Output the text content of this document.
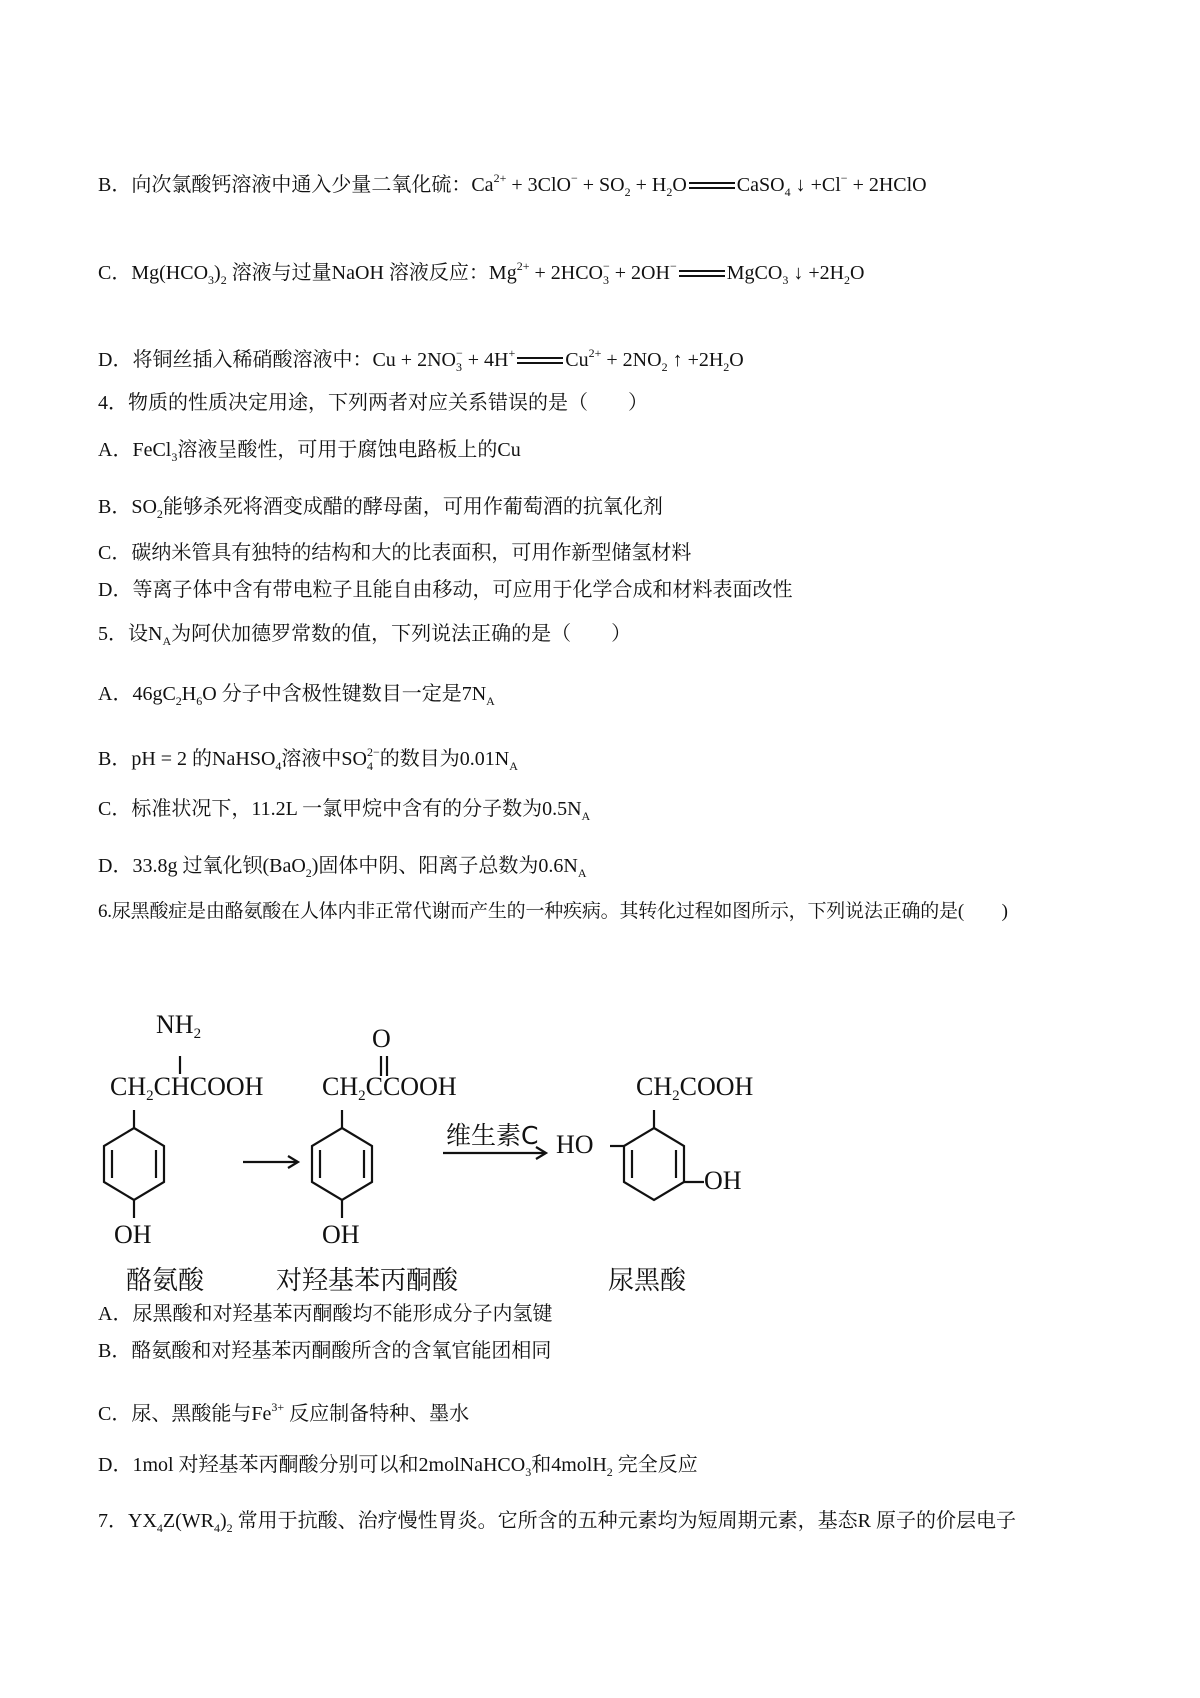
B．向次氯酸钙溶液中通入少量二氧化硫：$Ca^{2+} + 3ClO^- + SO_2 + H_2O$	CaSO$_4$ ↓ +Cl− + 2HClO
C．$Mg(HCO_3)_2$ 溶液与过量NaOH 溶液反应：$Mg^{2+} + 2HCO_3^- + 2OH^-$	MgCO$_3$ ↓ $+2H_2O$
D．将铜丝插入稀硝酸溶液中：$Cu + 2NO_3^- + 4H^+$	$Cu^{2+} + 2NO_2$ ↑ $+2H_2O$
4．物质的性质决定用途，下列两者对应关系错误的是（　　）
A．FeCl$_3$溶液呈酸性，可用于腐蚀电路板上的Cu
B．$SO_2$能够杀死将酒变成醋的酵母菌，可用作葡萄酒的抗氧化剂
C．碳纳米管具有独特的结构和大的比表面积，可用作新型储氢材料
D．等离子体中含有带电粒子且能自由移动，可应用于化学合成和材料表面改性
5．设$N_A$为阿伏加德罗常数的值，下列说法正确的是（　　）
A．$46gC_2H_6O$ 分子中含极性键数目一定是$7N_A$
B．pH = 2 的NaHSO$_4$溶液中$SO_4^{2-}$的数目为$0.01N_A$
C．标准状况下，11.2L 一氯甲烷中含有的分子数为$0.5N_A$
D．33.8g 过氧化钡(BaO$_2$)固体中阴、阳离子总数为$0.6N_A$
6.尿黑酸症是由酪氨酸在人体内非正常代谢而产生的一种疾病。其转化过程如图所示，下列说法正确的是(　　)
$NH_2$
$CH_2CHCOOH$
OH
酪氨酸
O
$CH_2CCOOH$
OH
对羟基苯丙酮酸
维生素C
$CH_2COOH$
HO
OH
尿黑酸
A．尿黑酸和对羟基苯丙酮酸均不能形成分子内氢键
B．酪氨酸和对羟基苯丙酮酸所含的含氧官能团相同
C．尿、黑酸能与$Fe^{3+}$ 反应制备特种、墨水
D．1mol 对羟基苯丙酮酸分别可以和2molNaHCO$_3$和4molH$_2$ 完全反应
7．$YX_4Z(WR_4)_2$ 常用于抗酸、治疗慢性胃炎。它所含的五种元素均为短周期元素，基态R 原子的价层电子
